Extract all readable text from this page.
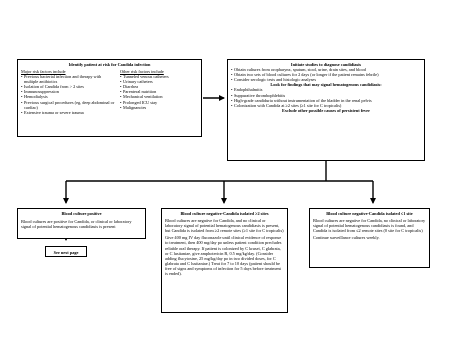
Identify patient at risk for Candida infection
Major risk factors include
• Previous bacterial infection and therapy with multiple antibiotics
• Isolation of Candida from > 2 sites
• Immunosuppression
• Hemodialysis
• Previous surgical procedures (eg, deep abdominal or cardiac)
• Extensive trauma or severe trauma
Other risk factors include
• Tunneled venous catheters
• Urinary catheters
• Diarrhea
• Parenteral nutrition
• Mechanical ventilation
• Prolonged ICU stay
• Malignancies
Initiate studies to diagnose candidiasis
• Obtain cultures from oropharynx, sputum, stool, urine, drain sites, and blood
• Obtain two sets of blood cultures for 2 days (or longer if the patient remains febrile)
• Consider serologic tests and histologic analyses
Look for findings that may signal hematogenous candidiasis:
• Endophthalmitis
• Suppurative thrombophlebitis
• High-grade candiduria without instrumentation of the bladder in the renal pelvis
• Colonization with Candida at ≥2 sites (≥1 site for C tropicalis)
Exclude other possible causes of persistent fever
Blood culture positive

Blood cultures are positive for Candida, or clinical or laboratory signal of potential hematogenous candidiasis is present

See next page
Blood culture negative-Candida isolated ≥2 sites

Blood cultures are negative for Candida, and no clinical or laboratory signal of potential hematogenous candidiasis is present, but Candida is isolated from ≥2 remote sites (≥1 site for C tropicalis)

Give 400 mg IV day fluconazole until clinical evidence of response to treatment, then 400 mg/day po unless patient condition precludes reliable oral therapy. If patient is colonized by C krusei, C glabrata, or C lusitaniae, give amphotericin B, 0.5 mg/kg/day. (Consider adding flucytosine, 25 mg/kg/day po in two divided doses, for C glabrata and C lusitaniae.) Treat for 7 to 10 days (patient should be free of signs and symptoms of infection for 5 days before treatment is ended).

Blood culture negative-Candida isolated ≤1 site

Blood cultures are negative for Candida, no clinical or laboratory signal of potential hematogenous candidiasis is found, and Candida is isolated from ≤2 remote sites (0 site for C tropicalis)

Continue surveillance cultures weekly.
